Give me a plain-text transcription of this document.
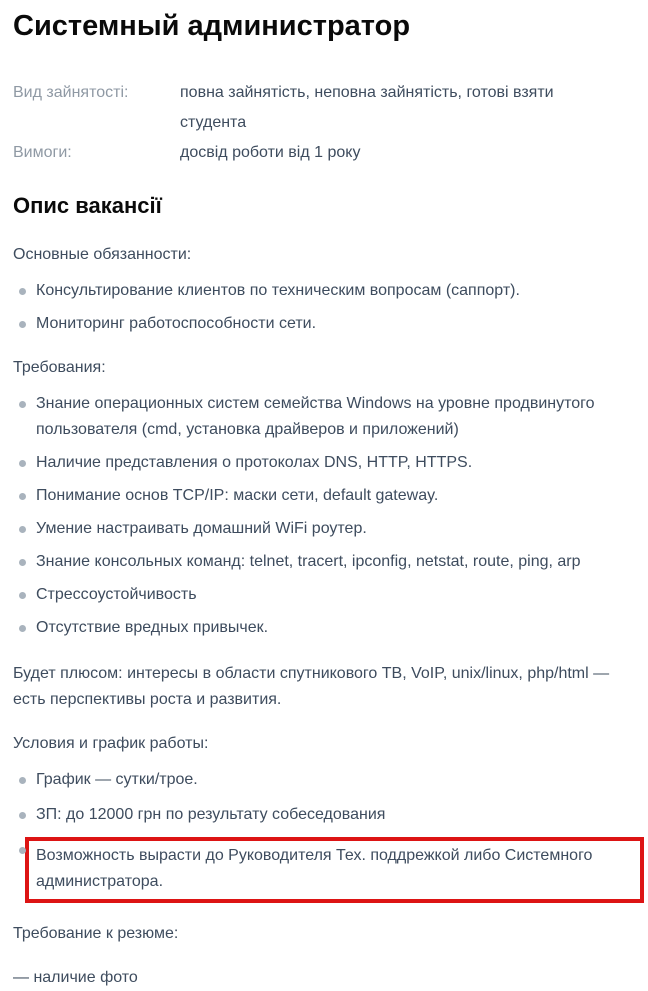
Системный администратор
Вид зайнятості:	повна зайнятість, неповна зайнятість, готові взяти студента
Вимоги:	досвід роботи від 1 року
Опис вакансії

Основные обязанности:

Консультирование клиентов по техническим вопросам (саппорт).
Мониторинг работоспособности сети.

Требования:

Знание операционных систем семейства Windows на уровне продвинутого пользователя (cmd, установка драйверов и приложений)
Наличие представления о протоколах DNS, HTTP, HTTPS.
Понимание основ TCP/IP: маски сети, default gateway.
Умение настраивать домашний WiFi роутер.
Знание консольных команд: telnet, tracert, ipconfig, netstat, route, ping, arp
Стрессоустойчивость
Отсутствие вредных привычек.

Будет плюсом: интересы в области спутникового ТВ, VoIP, unix/linux, php/html — есть перспективы роста и развития.

Условия и график работы:

График — сутки/трое.
ЗП: до 12000 грн по результату собеседования
Возможность вырасти до Руководителя Тех. поддрежкой либо Системного администратора.

Требование к резюме:

— наличие фото
